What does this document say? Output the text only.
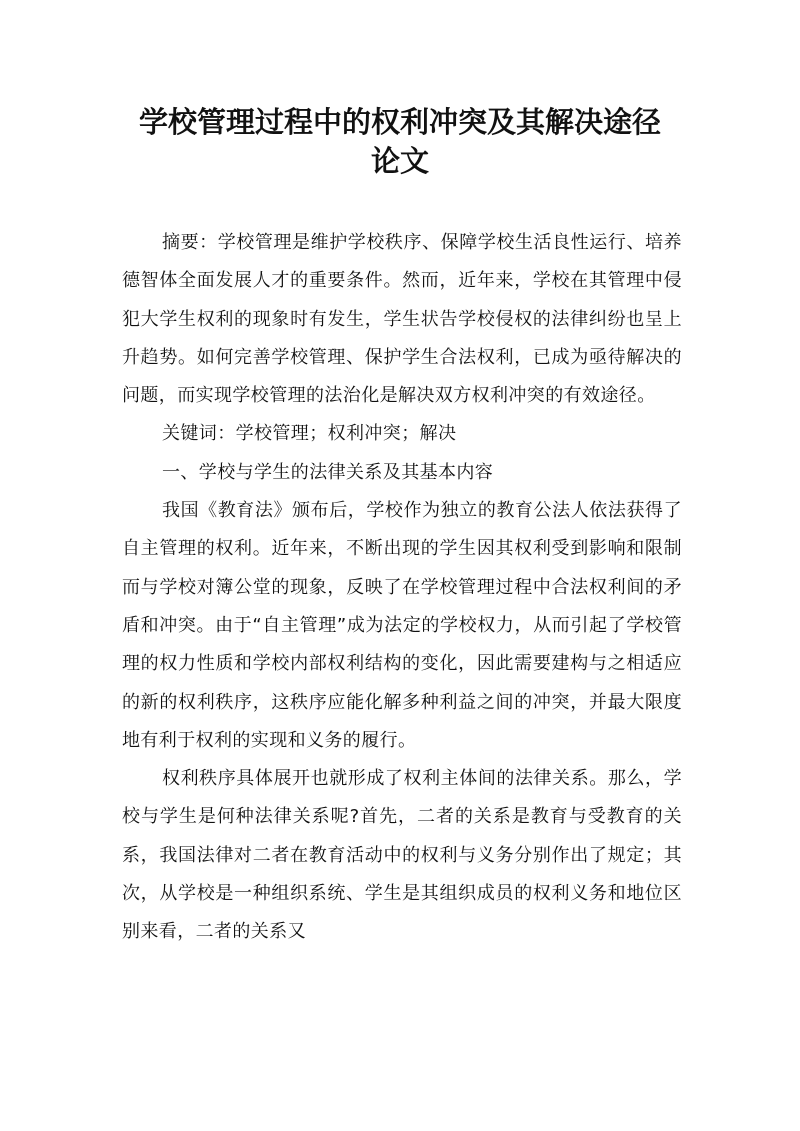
学校管理过程中的权利冲突及其解决途径
论文

摘要：学校管理是维护学校秩序、保障学校生活良性运行、培养德智体全面发展人才的重要条件。然而，近年来，学校在其管理中侵犯大学生权利的现象时有发生，学生状告学校侵权的法律纠纷也呈上升趋势。如何完善学校管理、保护学生合法权利，已成为亟待解决的问题，而实现学校管理的法治化是解决双方权利冲突的有效途径。

关键词：学校管理；权利冲突；解决

一、学校与学生的法律关系及其基本内容

我国《教育法》颁布后，学校作为独立的教育公法人依法获得了自主管理的权利。近年来，不断出现的学生因其权利受到影响和限制而与学校对簿公堂的现象，反映了在学校管理过程中合法权利间的矛盾和冲突。由于“自主管理”成为法定的学校权力，从而引起了学校管理的权力性质和学校内部权利结构的变化，因此需要建构与之相适应的新的权利秩序，这秩序应能化解多种利益之间的冲突，并最大限度地有利于权利的实现和义务的履行。

权利秩序具体展开也就形成了权利主体间的法律关系。那么，学校与学生是何种法律关系呢?首先，二者的关系是教育与受教育的关系，我国法律对二者在教育活动中的权利与义务分别作出了规定；其次，从学校是一种组织系统、学生是其组织成员的权利义务和地位区别来看，二者的关系又
